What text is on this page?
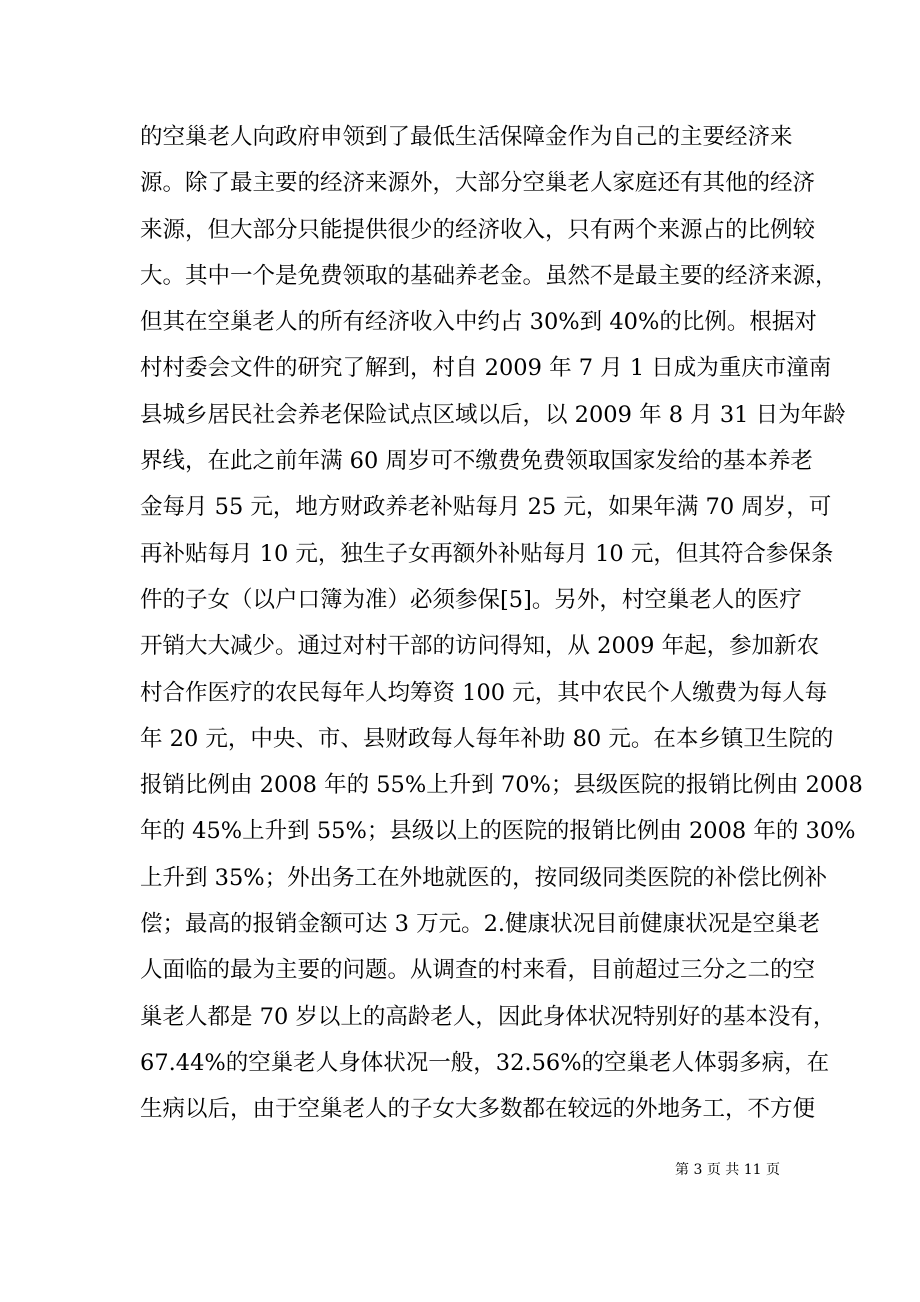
的空巢老人向政府申领到了最低生活保障金作为自己的主要经济来
源。除了最主要的经济来源外，大部分空巢老人家庭还有其他的经济
来源，但大部分只能提供很少的经济收入，只有两个来源占的比例较
大。其中一个是免费领取的基础养老金。虽然不是最主要的经济来源，
但其在空巢老人的所有经济收入中约占 30%到 40%的比例。根据对
村村委会文件的研究了解到，村自 2009 年 7 月 1 日成为重庆市潼南
县城乡居民社会养老保险试点区域以后，以 2009 年 8 月 31 日为年龄
界线，在此之前年满 60 周岁可不缴费免费领取国家发给的基本养老
金每月 55 元，地方财政养老补贴每月 25 元，如果年满 70 周岁，可
再补贴每月 10 元，独生子女再额外补贴每月 10 元，但其符合参保条
件的子女（以户口簿为准）必须参保[5]。另外，村空巢老人的医疗
开销大大减少。通过对村干部的访问得知，从 2009 年起，参加新农
村合作医疗的农民每年人均筹资 100 元，其中农民个人缴费为每人每
年 20 元，中央、市、县财政每人每年补助 80 元。在本乡镇卫生院的
报销比例由 2008 年的 55%上升到 70%；县级医院的报销比例由 2008
年的 45%上升到 55%；县级以上的医院的报销比例由 2008 年的 30%
上升到 35%；外出务工在外地就医的，按同级同类医院的补偿比例补
偿；最高的报销金额可达 3 万元。2.健康状况目前健康状况是空巢老
人面临的最为主要的问题。从调查的村来看，目前超过三分之二的空
巢老人都是 70 岁以上的高龄老人，因此身体状况特别好的基本没有，
67.44%的空巢老人身体状况一般，32.56%的空巢老人体弱多病，在
生病以后，由于空巢老人的子女大多数都在较远的外地务工，不方便
第 3 页 共 11 页
